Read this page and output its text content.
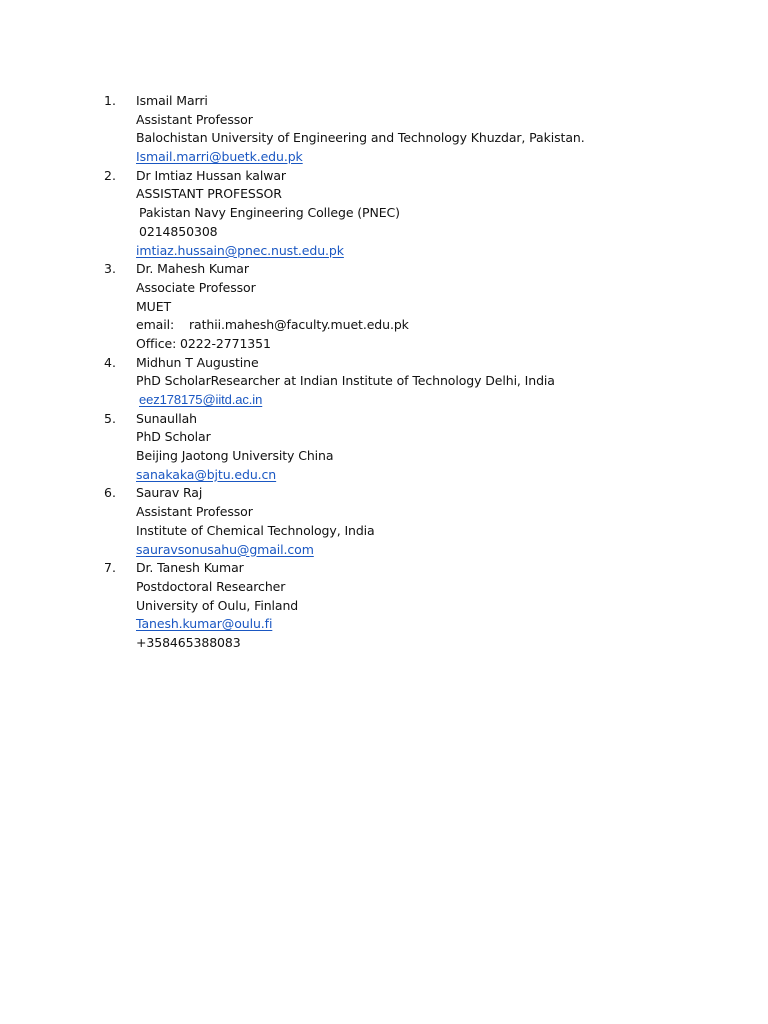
1.	Ismail Marri
Assistant Professor
Balochistan University of Engineering and Technology Khuzdar, Pakistan.
Ismail.marri@buetk.edu.pk
2.	Dr Imtiaz Hussan kalwar
ASSISTANT PROFESSOR
Pakistan Navy Engineering College (PNEC)
0214850308
imtiaz.hussain@pnec.nust.edu.pk
3.	Dr. Mahesh Kumar
Associate Professor
MUET
email: rathii.mahesh@faculty.muet.edu.pk
Office: 0222-2771351
4.	Midhun T Augustine
PhD ScholarResearcher at Indian Institute of Technology Delhi, India
eez178175@iitd.ac.in
5.	Sunaullah
PhD Scholar
Beijing Jaotong University China
sanakaka@bjtu.edu.cn
6.	Saurav Raj
Assistant Professor
Institute of Chemical Technology, India
sauravsonusahu@gmail.com
7.	Dr. Tanesh Kumar
Postdoctoral Researcher
University of Oulu, Finland
Tanesh.kumar@oulu.fi
+358465388083
